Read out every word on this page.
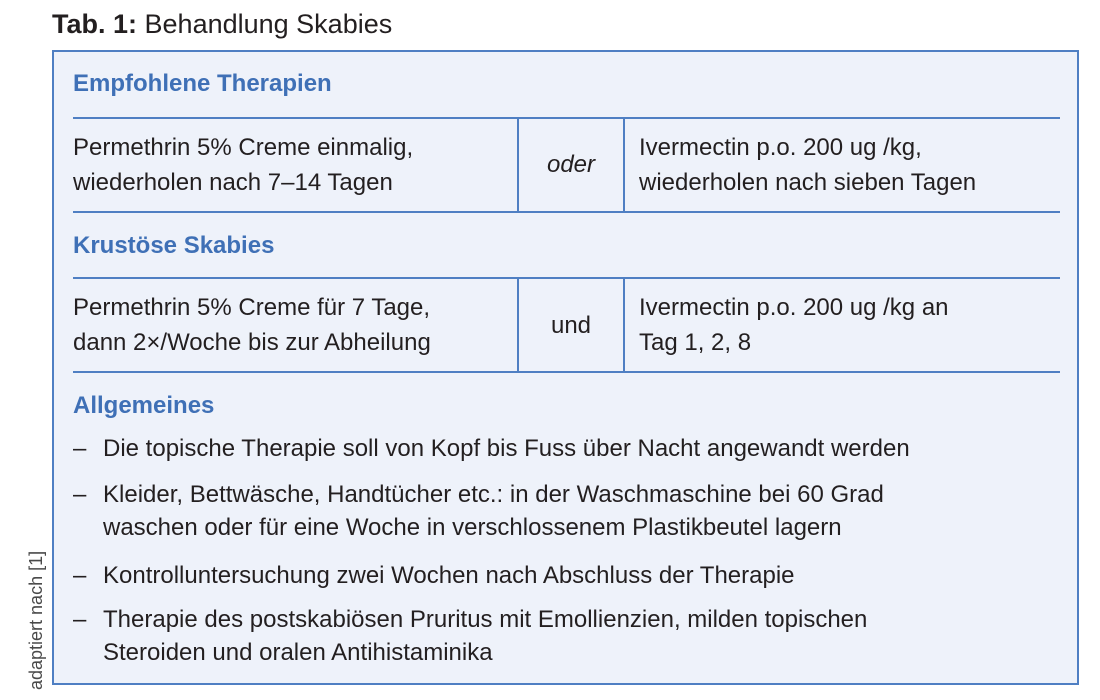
Tab. 1: Behandlung Skabies
Empfohlene Therapien
Permethrin 5% Creme einmalig,
wiederholen nach 7–14 Tagen
oder
Ivermectin p.o. 200 ug /kg,
wiederholen nach sieben Tagen
Krustöse Skabies
Permethrin 5% Creme für 7 Tage,
dann 2×/Woche bis zur Abheilung
und
Ivermectin p.o. 200 ug /kg an
Tag 1, 2, 8
Allgemeines
– Die topische Therapie soll von Kopf bis Fuss über Nacht angewandt werden
– Kleider, Bettwäsche, Handtücher etc.: in der Waschmaschine bei 60 Grad
waschen oder für eine Woche in verschlossenem Plastikbeutel lagern
– Kontrolluntersuchung zwei Wochen nach Abschluss der Therapie
– Therapie des postskabiösen Pruritus mit Emollienzien, milden topischen
Steroiden und oralen Antihistaminika
adaptiert nach [1]
